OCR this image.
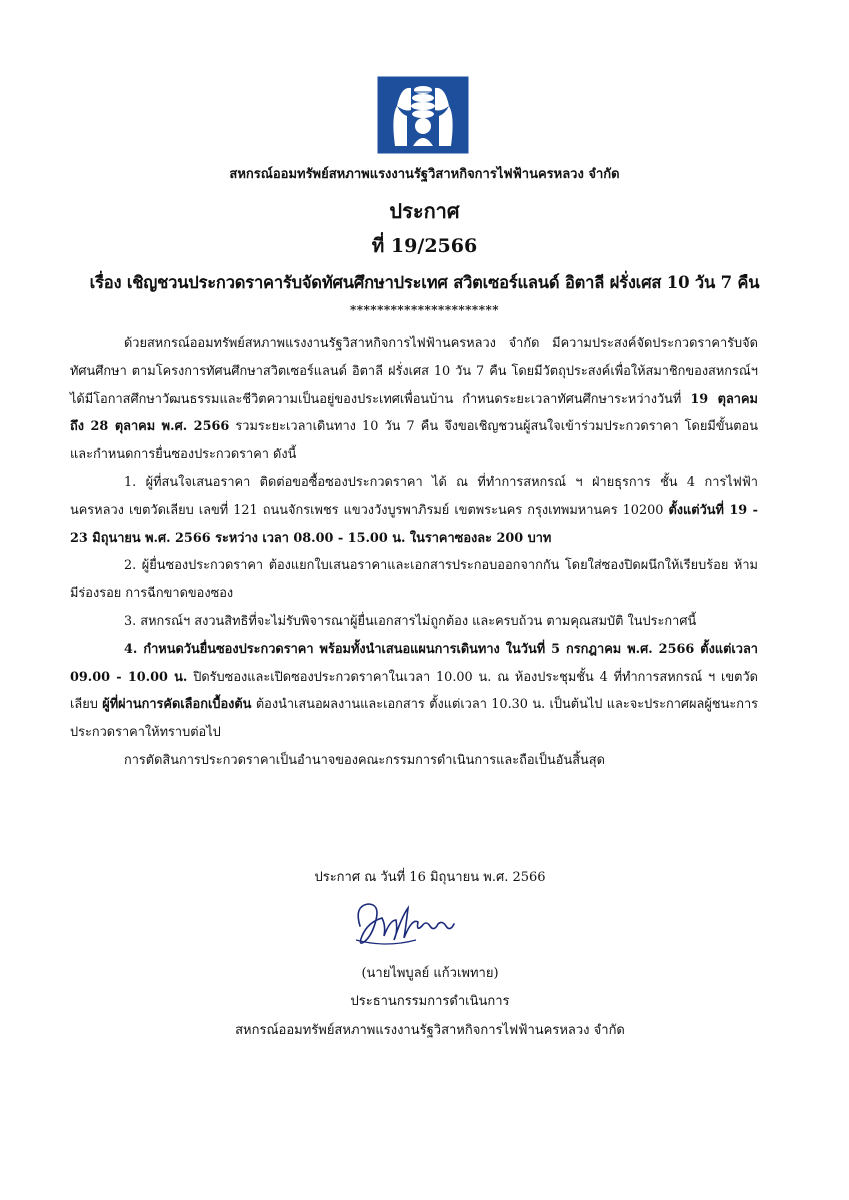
สหกรณ์ออมทรัพย์สหภาพแรงงานรัฐวิสาหกิจการไฟฟ้านครหลวง จำกัด
ประกาศ
ที่ 19/2566
เรื่อง เชิญชวนประกวดราคารับจัดทัศนศึกษาประเทศ สวิตเซอร์แลนด์ อิตาลี ฝรั่งเศส 10 วัน 7 คืน
**********************

ด้วยสหกรณ์ออมทรัพย์สหภาพแรงงานรัฐวิสาหกิจการไฟฟ้านครหลวง จำกัด มีความประสงค์จัดประกวดราคารับจัดทัศนศึกษา ตามโครงการทัศนศึกษาสวิตเซอร์แลนด์ อิตาลี ฝรั่งเศส 10 วัน 7 คืน โดยมีวัตถุประสงค์เพื่อให้สมาชิกของสหกรณ์ฯ ได้มีโอกาสศึกษาวัฒนธรรมและชีวิตความเป็นอยู่ของประเทศเพื่อนบ้าน กำหนดระยะเวลาทัศนศึกษาระหว่างวันที่ 19 ตุลาคม ถึง 28 ตุลาคม พ.ศ. 2566 รวมระยะเวลาเดินทาง 10 วัน 7 คืน จึงขอเชิญชวนผู้สนใจเข้าร่วมประกวดราคา โดยมีขั้นตอนและกำหนดการยื่นซองประกวดราคา ดังนี้

1. ผู้ที่สนใจเสนอราคา ติดต่อขอซื้อซองประกวดราคา ได้ ณ ที่ทำการสหกรณ์ ฯ ฝ่ายธุรการ ชั้น 4 การไฟฟ้านครหลวง เขตวัดเลียบ เลขที่ 121 ถนนจักรเพชร แขวงวังบูรพาภิรมย์ เขตพระนคร กรุงเทพมหานคร 10200 ตั้งแต่วันที่ 19 - 23 มิถุนายน พ.ศ. 2566 ระหว่าง เวลา 08.00 - 15.00 น. ในราคาซองละ 200 บาท

2. ผู้ยื่นซองประกวดราคา ต้องแยกใบเสนอราคาและเอกสารประกอบออกจากกัน โดยใส่ซองปิดผนึกให้เรียบร้อย ห้ามมีร่องรอย การฉีกขาดของซอง

3. สหกรณ์ฯ สงวนสิทธิที่จะไม่รับพิจารณาผู้ยื่นเอกสารไม่ถูกต้อง และครบถ้วน ตามคุณสมบัติ ในประกาศนี้

4. กำหนดวันยื่นซองประกวดราคา พร้อมทั้งนำเสนอแผนการเดินทาง ในวันที่ 5 กรกฎาคม พ.ศ. 2566 ตั้งแต่เวลา 09.00 - 10.00 น. ปิดรับซองและเปิดซองประกวดราคาในเวลา 10.00 น. ณ ห้องประชุมชั้น 4 ที่ทำการสหกรณ์ ฯ เขตวัดเลียบ ผู้ที่ผ่านการคัดเลือกเบื้องต้น ต้องนำเสนอผลงานและเอกสาร ตั้งแต่เวลา 10.30 น. เป็นต้นไป และจะประกาศผลผู้ชนะการประกวดราคาให้ทราบต่อไป

การตัดสินการประกวดราคาเป็นอำนาจของคณะกรรมการดำเนินการและถือเป็นอันสิ้นสุด

ประกาศ ณ วันที่ 16 มิถุนายน พ.ศ. 2566
(นายไพบูลย์ แก้วเพทาย)
ประธานกรรมการดำเนินการ
สหกรณ์ออมทรัพย์สหภาพแรงงานรัฐวิสาหกิจการไฟฟ้านครหลวง จำกัด
